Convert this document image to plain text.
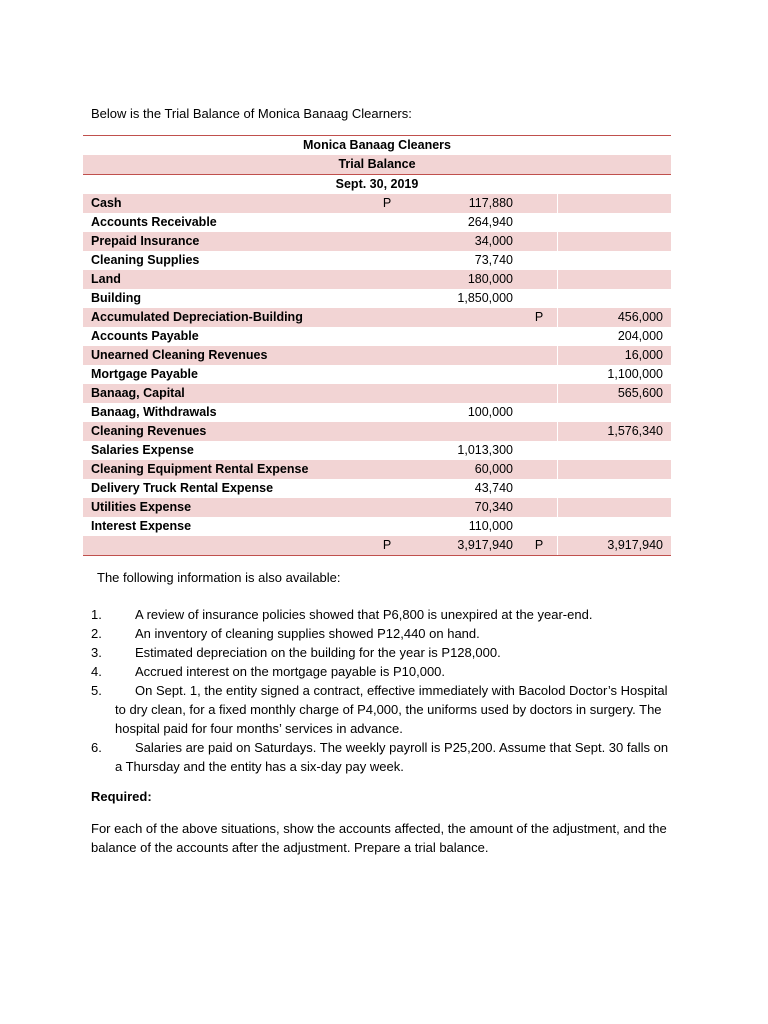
Below is the Trial Balance of Monica Banaag Clearners:
Monica Banaag Cleaners				
Trial Balance				
Sept. 30, 2019				
Cash	P	117,880		
Accounts Receivable		264,940		
Prepaid Insurance		34,000		
Cleaning Supplies		73,740		
Land		180,000		
Building		1,850,000		
Accumulated Depreciation-Building			P	456,000
Accounts Payable				204,000
Unearned Cleaning Revenues				16,000
Mortgage Payable				1,100,000
Banaag, Capital				565,600
Banaag, Withdrawals		100,000		
Cleaning Revenues				1,576,340
Salaries Expense		1,013,300		
Cleaning Equipment Rental Expense		60,000		
Delivery Truck Rental Expense		43,740		
Utilities Expense		70,340		
Interest Expense		110,000		
	P	3,917,940	P	3,917,940
The following information is also available:
1.	A review of insurance policies showed that P6,800 is unexpired at the year-end.
2.	An inventory of cleaning supplies showed P12,440 on hand.
3.	Estimated depreciation on the building for the year is P128,000.
4.	Accrued interest on the mortgage payable is P10,000.
5.	On Sept. 1, the entity signed a contract, effective immediately with Bacolod Doctor’s Hospital to dry clean, for a fixed monthly charge of P4,000, the uniforms used by doctors in surgery. The hospital paid for four months’ services in advance.
6.	Salaries are paid on Saturdays. The weekly payroll is P25,200. Assume that Sept. 30 falls on a Thursday and the entity has a six-day pay week.
Required:
For each of the above situations, show the accounts affected, the amount of the adjustment, and the balance of the accounts after the adjustment. Prepare a trial balance.
